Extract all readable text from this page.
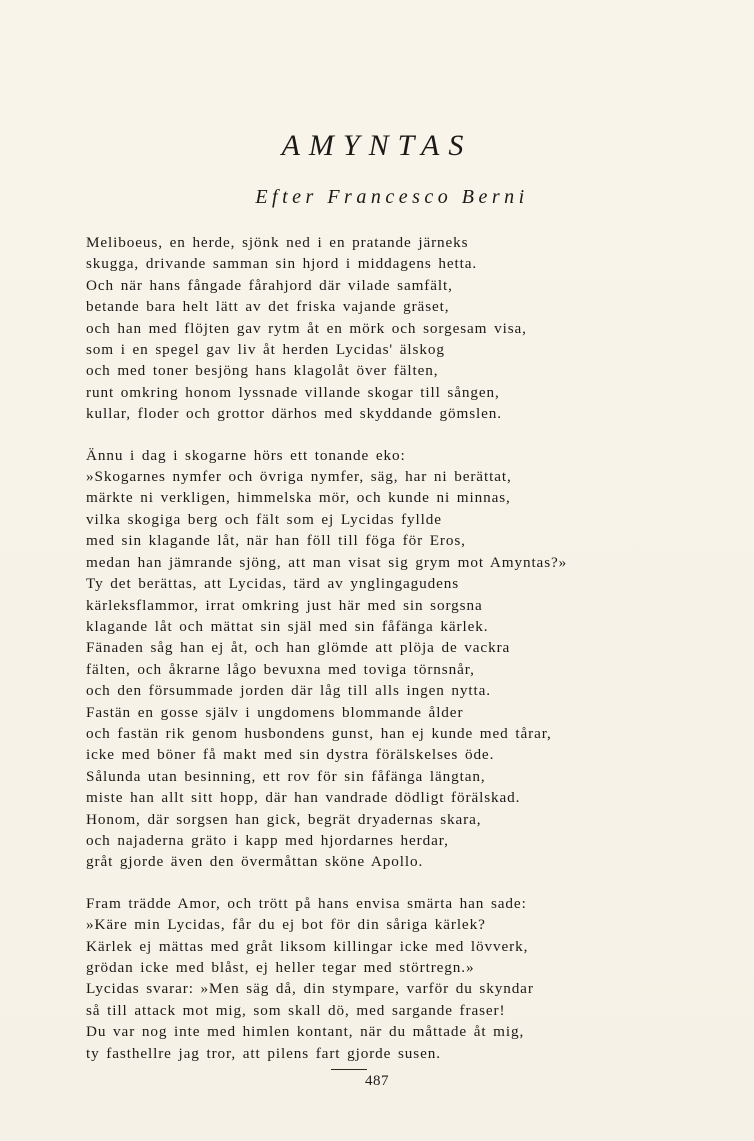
AMYNTAS
Efter Francesco Berni
Meliboeus, en herde, sjönk ned i en pratande järneks
skugga, drivande samman sin hjord i middagens hetta.
Och när hans fångade fårahjord där vilade samfält,
betande bara helt lätt av det friska vajande gräset,
och han med flöjten gav rytm åt en mörk och sorgesam visa,
som i en spegel gav liv åt herden Lycidas' älskog
och med toner besjöng hans klagolåt över fälten,
runt omkring honom lyssnade villande skogar till sången,
kullar, floder och grottor därhos med skyddande gömslen.
Ännu i dag i skogarne hörs ett tonande eko:
»Skogarnes nymfer och övriga nymfer, säg, har ni berättat,
märkte ni verkligen, himmelska mör, och kunde ni minnas,
vilka skogiga berg och fält som ej Lycidas fyllde
med sin klagande låt, när han föll till föga för Eros,
medan han jämrande sjöng, att man visat sig grym mot Amyntas?»
Ty det berättas, att Lycidas, tärd av ynglingagudens
kärleksflammor, irrat omkring just här med sin sorgsna
klagande låt och mättat sin själ med sin fåfänga kärlek.
Fänaden såg han ej åt, och han glömde att plöja de vackra
fälten, och åkrarne lågo bevuxna med toviga törnsnår,
och den försummade jorden där låg till alls ingen nytta.
Fastän en gosse själv i ungdomens blommande ålder
och fastän rik genom husbondens gunst, han ej kunde med tårar,
icke med böner få makt med sin dystra förälskelses öde.
Sålunda utan besinning, ett rov för sin fåfänga längtan,
miste han allt sitt hopp, där han vandrade dödligt förälskad.
Honom, där sorgsen han gick, begrät dryadernas skara,
och najaderna gräto i kapp med hjordarnes herdar,
gråt gjorde även den övermåttan sköne Apollo.
Fram trädde Amor, och trött på hans envisa smärta han sade:
»Käre min Lycidas, får du ej bot för din såriga kärlek?
Kärlek ej mättas med gråt liksom killingar icke med lövverk,
grödan icke med blåst, ej heller tegar med störtregn.»
Lycidas svarar: »Men säg då, din stympare, varför du skyndar
så till attack mot mig, som skall dö, med sargande fraser!
Du var nog inte med himlen kontant, när du måttade åt mig,
ty fasthellre jag tror, att pilens fart gjorde susen.
487
